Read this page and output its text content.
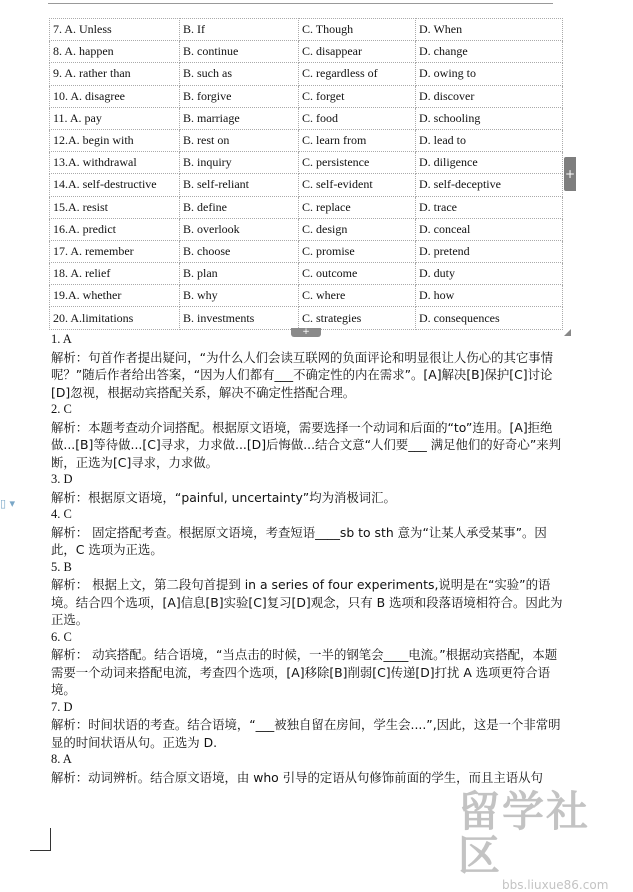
7. A. Unless	B. If	C. Though	D. When
8. A. happen	B. continue	C. disappear	D. change
9. A. rather than	B. such as	C. regardless of	D. owing to
10. A. disagree	B. forgive	C. forget	D. discover
11. A. pay	B. marriage	C. food	D. schooling
12.A. begin with	B. rest on	C. learn from	D. lead to
13.A. withdrawal	B. inquiry	C. persistence	D. diligence
14.A. self-destructive	B. self-reliant	C. self-evident	D. self-deceptive
15.A. resist	B. define	C. replace	D. trace
16.A. predict	B. overlook	C. design	D. conceal
17. A. remember	B. choose	C. promise	D. pretend
18. A. relief	B. plan	C. outcome	D. duty
19.A. whether	B. why	C. where	D. how
20. A.limitations	B. investments	C. strategies	D. consequences
+
+
▯ ▾

1. A

解析：句首作者提出疑问，“为什么人们会读互联网的负面评论和明显很让人伤心的其它事情呢？”随后作者给出答案，“因为人们都有___不确定性的内在需求”。[A]解决[B]保护[C]讨论[D]忽视，根据动宾搭配关系，解决不确定性搭配合理。

2. C

解析：本题考查动介词搭配。根据原文语境，需要选择一个动词和后面的“to”连用。[A]拒绝做...[B]等待做...[C]寻求，力求做...[D]后悔做...结合文意“人们要___ 满足他们的好奇心”来判断，正选为[C]寻求，力求做。

3. D

解析：根据原文语境，“painful, uncertainty”均为消极词汇。

4. C

解析： 固定搭配考查。根据原文语境，考查短语____sb to sth 意为“让某人承受某事”。因此，C 选项为正选。

5. B

解析： 根据上文，第二段句首提到 in a series of four experiments,说明是在“实验”的语境。结合四个选项，[A]信息[B]实验[C]复习[D]观念，只有 B 选项和段落语境相符合。因此为正选。

6. C

解析： 动宾搭配。结合语境，“当点击的时候，一半的钢笔会____电流。”根据动宾搭配，本题需要一个动词来搭配电流，考查四个选项，[A]移除[B]削弱[C]传递[D]打扰 A 选项更符合语境。

7. D

解析：时间状语的考查。结合语境，“___被独自留在房间，学生会....”,因此，这是一个非常明显的时间状语从句。正选为 D.

8. A

解析：动词辨析。结合原文语境，由 who 引导的定语从句修饰前面的学生，而且主语从句

留学社区
bbs.liuxue86.com
